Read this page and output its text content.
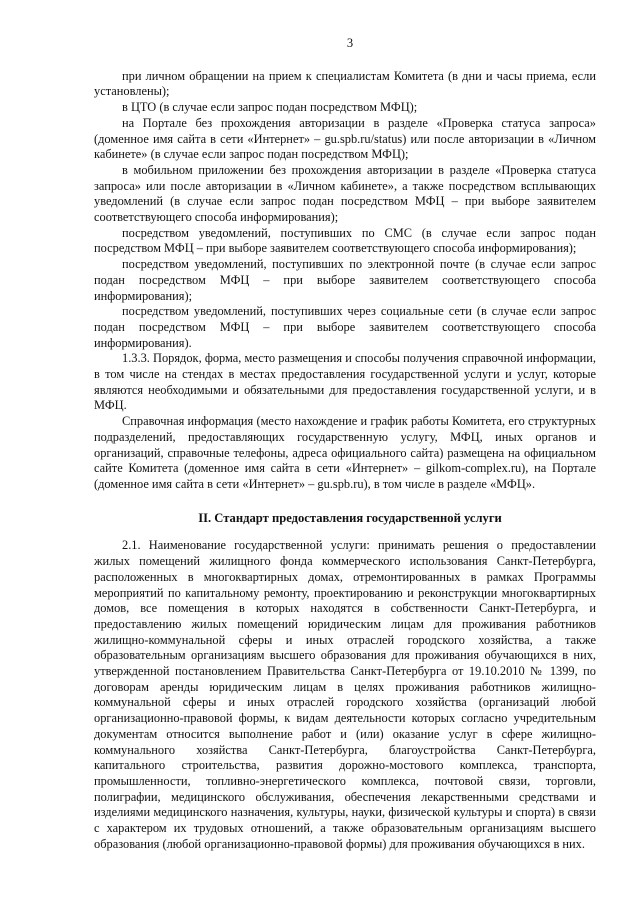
3

при личном обращении на прием к специалистам Комитета (в дни и часы приема, если установлены);

в ЦТО (в случае если запрос подан посредством МФЦ);

на Портале без прохождения авторизации в разделе «Проверка статуса запроса» (доменное имя сайта в сети «Интернет» – gu.spb.ru/status) или после авторизации в «Личном кабинете» (в случае если запрос подан посредством МФЦ);

в мобильном приложении без прохождения авторизации в разделе «Проверка статуса запроса» или после авторизации в «Личном кабинете», а также посредством всплывающих уведомлений (в случае если запрос подан посредством МФЦ – при выборе заявителем соответствующего способа информирования);

посредством уведомлений, поступивших по СМС (в случае если запрос подан посредством МФЦ – при выборе заявителем соответствующего способа информирования);

посредством уведомлений, поступивших по электронной почте (в случае если запрос подан посредством МФЦ – при выборе заявителем соответствующего способа информирования);

посредством уведомлений, поступивших через социальные сети (в случае если запрос подан посредством МФЦ – при выборе заявителем соответствующего способа информирования).

1.3.3. Порядок, форма, место размещения и способы получения справочной информации, в том числе на стендах в местах предоставления государственной услуги и услуг, которые являются необходимыми и обязательными для предоставления государственной услуги, и в МФЦ.

Справочная информация (место нахождение и график работы Комитета, его структурных подразделений, предоставляющих государственную услугу, МФЦ, иных органов и организаций, справочные телефоны, адреса официального сайта) размещена на официальном сайте Комитета (доменное имя сайта в сети «Интернет» – gilkom-complex.ru), на Портале (доменное имя сайта в сети «Интернет» – gu.spb.ru), в том числе в разделе «МФЦ».

II. Стандарт предоставления государственной услуги

2.1. Наименование государственной услуги: принимать решения о предоставлении жилых помещений жилищного фонда коммерческого использования Санкт-Петербурга, расположенных в многоквартирных домах, отремонтированных в рамках Программы мероприятий по капитальному ремонту, проектированию и реконструкции многоквартирных домов, все помещения в которых находятся в собственности Санкт-Петербурга, и предоставлению жилых помещений юридическим лицам для проживания работников жилищно-коммунальной сферы и иных отраслей городского хозяйства, а также образовательным организациям высшего образования для проживания обучающихся в них, утвержденной постановлением Правительства Санкт-Петербурга от 19.10.2010 № 1399, по договорам аренды юридическим лицам в целях проживания работников жилищно-коммунальной сферы и иных отраслей городского хозяйства (организаций любой организационно-правовой формы, к видам деятельности которых согласно учредительным документам относится выполнение работ и (или) оказание услуг в сфере жилищно-коммунального хозяйства Санкт-Петербурга, благоустройства Санкт-Петербурга, капитального строительства, развития дорожно-мостового комплекса, транспорта, промышленности, топливно-энергетического комплекса, почтовой связи, торговли, полиграфии, медицинского обслуживания, обеспечения лекарственными средствами и изделиями медицинского назначения, культуры, науки, физической культуры и спорта) в связи с характером их трудовых отношений, а также образовательным организациям высшего образования (любой организационно-правовой формы) для проживания обучающихся в них.
